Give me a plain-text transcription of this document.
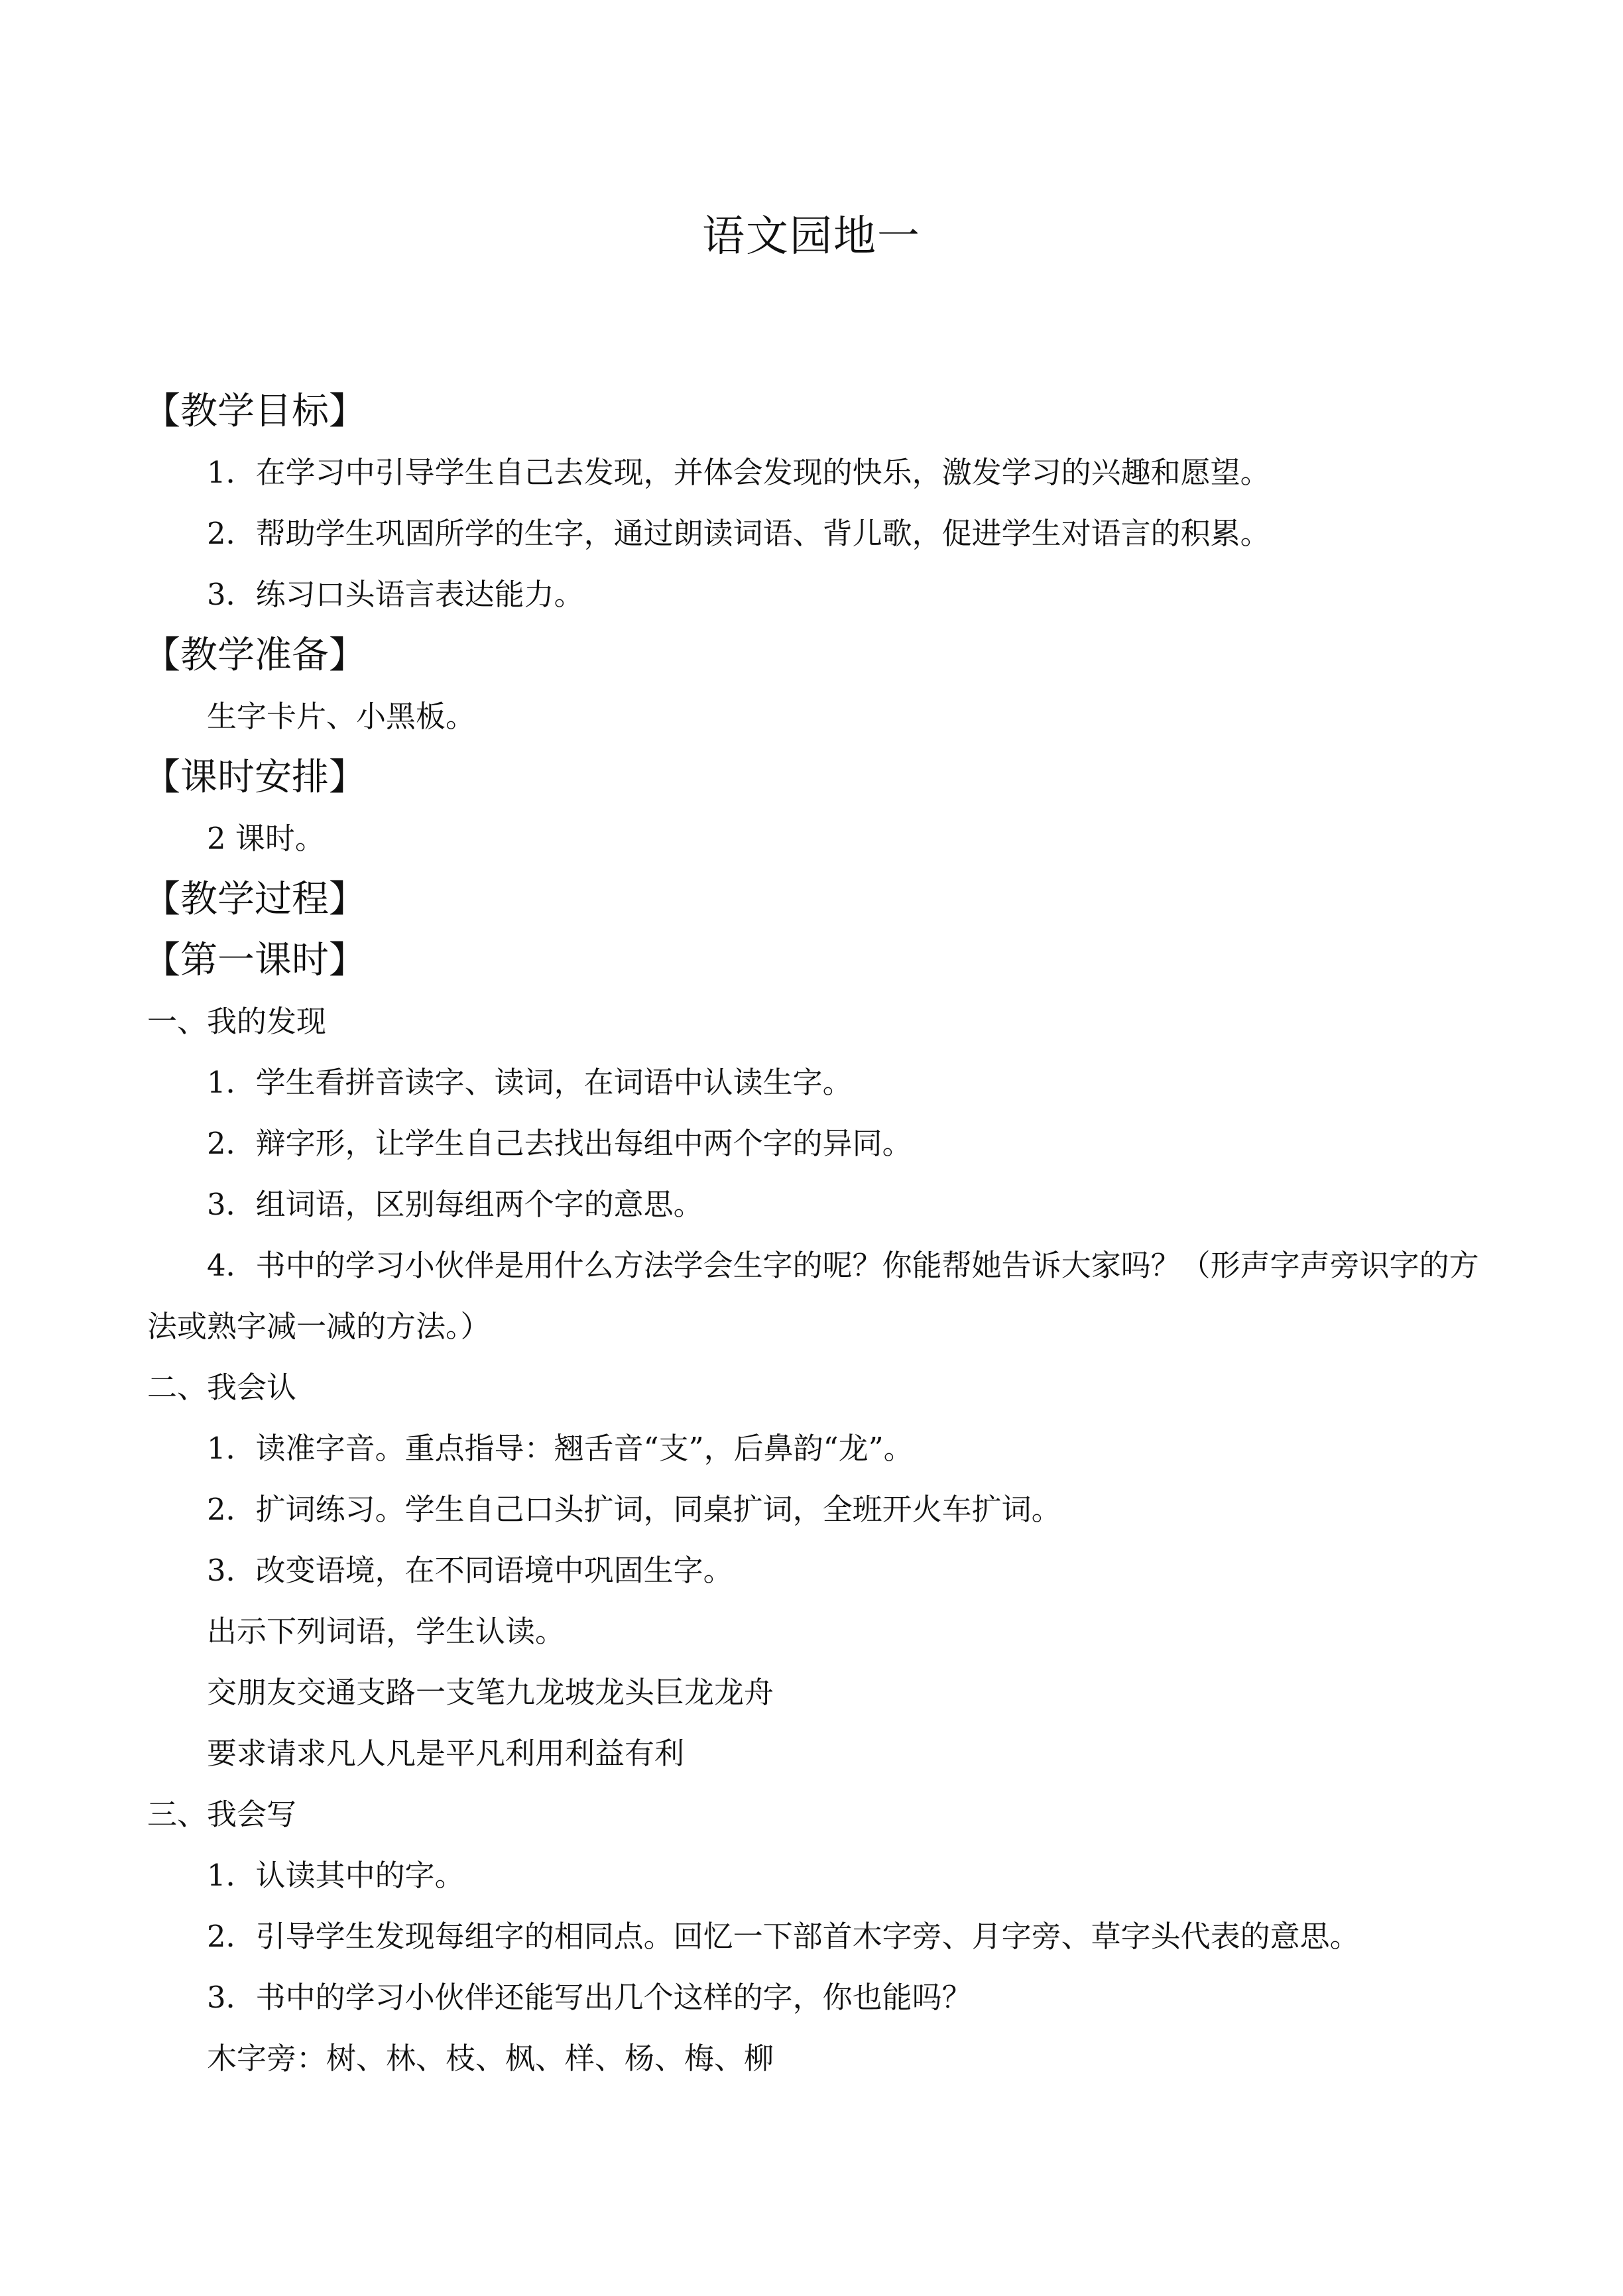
语文园地一
【教学目标】
1．在学习中引导学生自己去发现，并体会发现的快乐，激发学习的兴趣和愿望。
2．帮助学生巩固所学的生字，通过朗读词语、背儿歌，促进学生对语言的积累。
3．练习口头语言表达能力。
【教学准备】
生字卡片、小黑板。
【课时安排】
2 课时。
【教学过程】
【第一课时】
一、我的发现
1．学生看拼音读字、读词，在词语中认读生字。
2．辩字形，让学生自己去找出每组中两个字的异同。
3．组词语，区别每组两个字的意思。
4．书中的学习小伙伴是用什么方法学会生字的呢？你能帮她告诉大家吗？（形声字声旁识字的方法或熟字减一减的方法。）
二、我会认
1．读准字音。重点指导：翘舌音“支”，后鼻韵“龙”。
2．扩词练习。学生自己口头扩词，同桌扩词，全班开火车扩词。
3．改变语境，在不同语境中巩固生字。
出示下列词语，学生认读。
交朋友交通支路一支笔九龙坡龙头巨龙龙舟
要求请求凡人凡是平凡利用利益有利
三、我会写
1．认读其中的字。
2．引导学生发现每组字的相同点。回忆一下部首木字旁、月字旁、草字头代表的意思。
3．书中的学习小伙伴还能写出几个这样的字，你也能吗？
木字旁：树、林、枝、枫、样、杨、梅、柳
